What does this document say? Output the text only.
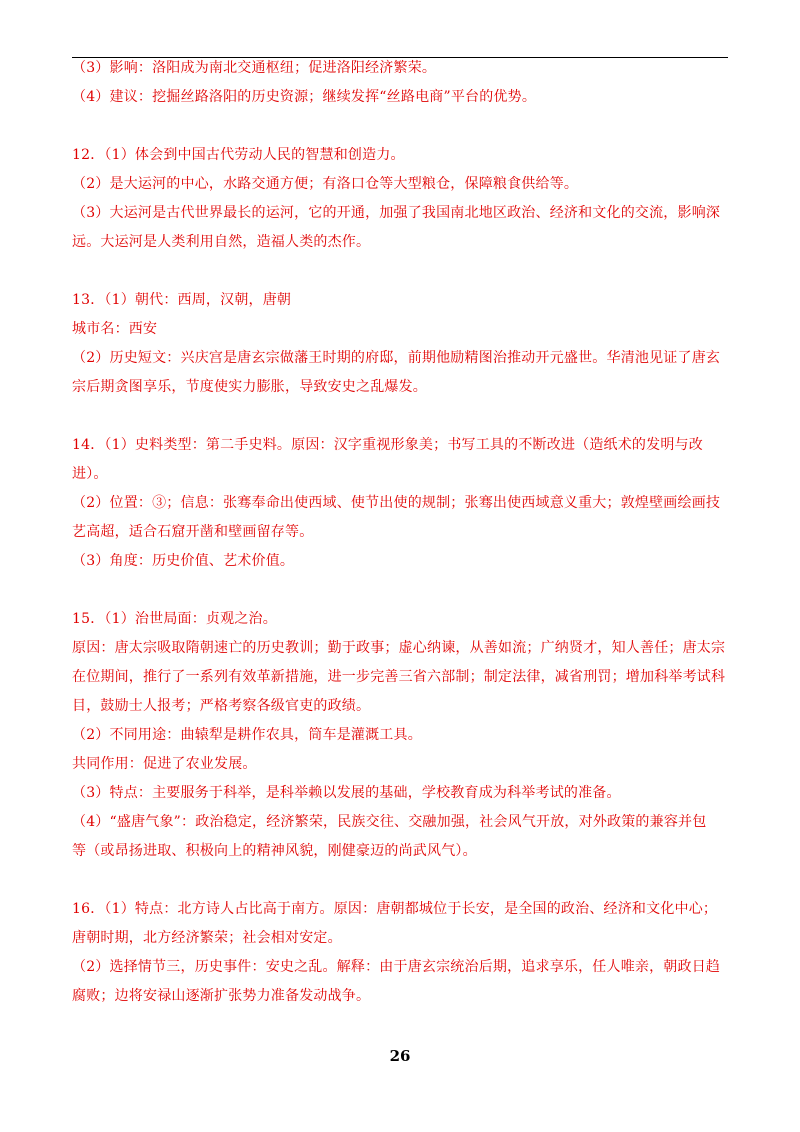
（3）影响：洛阳成为南北交通枢纽；促进洛阳经济繁荣。
（4）建议：挖掘丝路洛阳的历史资源；继续发挥“丝路电商”平台的优势。
12．（1）体会到中国古代劳动人民的智慧和创造力。
（2）是大运河的中心，水路交通方便；有洛口仓等大型粮仓，保障粮食供给等。
（3）大运河是古代世界最长的运河，它的开通，加强了我国南北地区政治、经济和文化的交流，影响深
远。大运河是人类利用自然，造福人类的杰作。
13．（1）朝代：西周，汉朝，唐朝
城市名：西安
（2）历史短文：兴庆宫是唐玄宗做藩王时期的府邸，前期他励精图治推动开元盛世。华清池见证了唐玄
宗后期贪图享乐，节度使实力膨胀，导致安史之乱爆发。
14．（1）史料类型：第二手史料。原因：汉字重视形象美；书写工具的不断改进（造纸术的发明与改
进）。
（2）位置：③；信息：张骞奉命出使西域、使节出使的规制；张骞出使西域意义重大；敦煌壁画绘画技
艺高超，适合石窟开凿和壁画留存等。
（3）角度：历史价值、艺术价值。
15．（1）治世局面：贞观之治。
原因：唐太宗吸取隋朝速亡的历史教训；勤于政事；虚心纳谏，从善如流；广纳贤才，知人善任；唐太宗
在位期间，推行了一系列有效革新措施，进一步完善三省六部制；制定法律，减省刑罚；增加科举考试科
目，鼓励士人报考；严格考察各级官吏的政绩。
（2）不同用途：曲辕犁是耕作农具，筒车是灌溉工具。
共同作用：促进了农业发展。
（3）特点：主要服务于科举，是科举赖以发展的基础，学校教育成为科举考试的准备。
（4）“盛唐气象”：政治稳定，经济繁荣，民族交往、交融加强，社会风气开放，对外政策的兼容并包
等（或昂扬进取、积极向上的精神风貌，刚健豪迈的尚武风气）。
16．（1）特点：北方诗人占比高于南方。原因：唐朝都城位于长安，是全国的政治、经济和文化中心；
唐朝时期，北方经济繁荣；社会相对安定。
（2）选择情节三，历史事件：安史之乱。解释：由于唐玄宗统治后期，追求享乐，任人唯亲，朝政日趋
腐败；边将安禄山逐渐扩张势力准备发动战争。
26
